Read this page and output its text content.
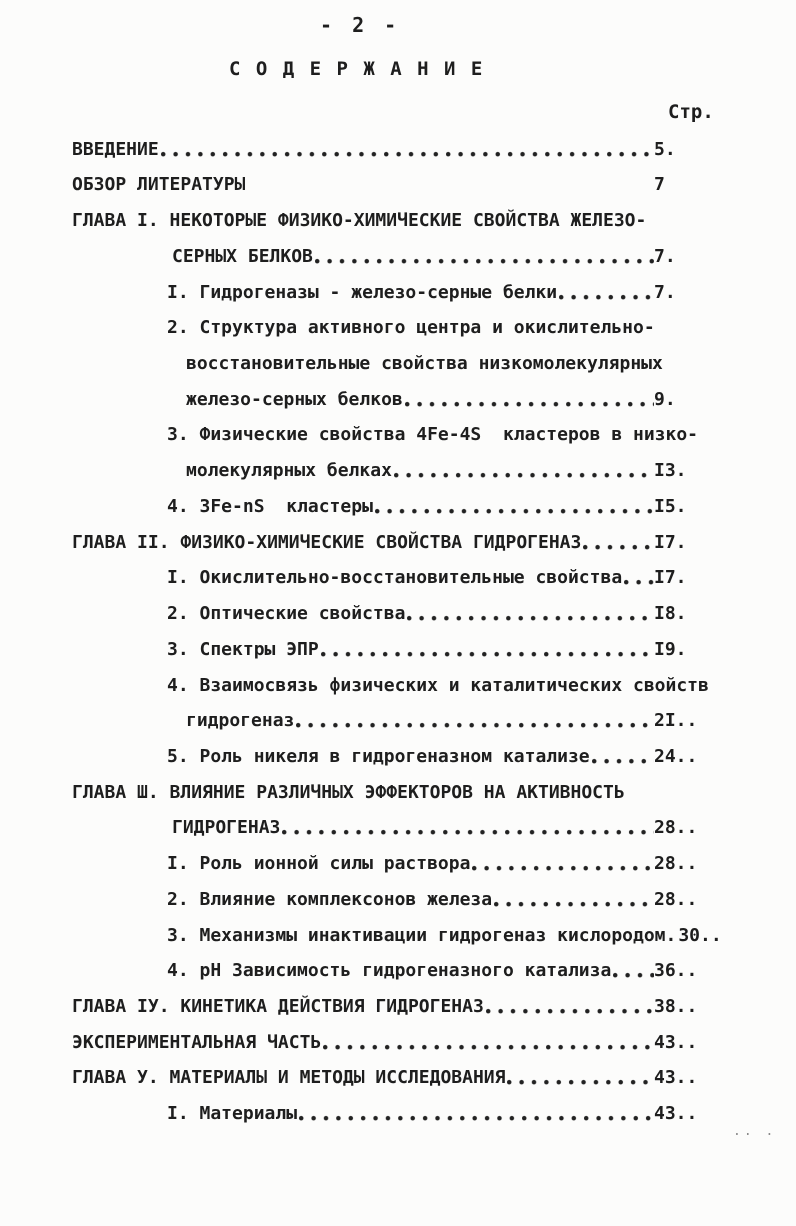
- 2 -
С О Д Е Р Ж А Н И Е
Стр.
ВВЕДЕНИЕ	5.
ОБЗОР ЛИТЕРАТУРЫ	7
ГЛАВА I. НЕКОТОРЫЕ ФИЗИКО-ХИМИЧЕСКИЕ СВОЙСТВА ЖЕЛЕЗО-
СЕРНЫХ БЕЛКОВ	7.
I. Гидрогеназы - железо-серные белки	7.
2. Структура активного центра и окислительно-
восстановительные свойства низкомолекулярных
железо-серных белков	9.
3. Физические свойства 4Fe-4S  кластеров в низко-
молекулярных белках	I3.
4. 3Fe-nS  кластеры	I5.
ГЛАВА II. ФИЗИКО-ХИМИЧЕСКИЕ СВОЙСТВА ГИДРОГЕНАЗ	I7.
I. Окислительно-восстановительные свойства I7.
2. Оптические свойства	I8.
3. Спектры ЭПР	I9.
4. Взаимосвязь физических и каталитических свойств
гидрогеназ	2I..
5. Роль никеля в гидрогеназном катализе	24..
ГЛАВА Ш. ВЛИЯНИЕ РАЗЛИЧНЫХ ЭФФЕКТОРОВ НА АКТИВНОСТЬ
ГИДРОГЕНАЗ	28..
I. Роль ионной силы раствора	28..
2. Влияние комплексонов железа	28..
3. Механизмы инактивации гидрогеназ кислородом. 30..
4. pH Зависимость гидрогеназного катализа 36..
ГЛАВА IУ. КИНЕТИКА ДЕЙСТВИЯ ГИДРОГЕНАЗ	38..
ЭКСПЕРИМЕНТАЛЬНАЯ ЧАСТЬ	43..
ГЛАВА У. МАТЕРИАЛЫ И МЕТОДЫ ИССЛЕДОВАНИЯ	43..
I. Материалы	43..
.. .
